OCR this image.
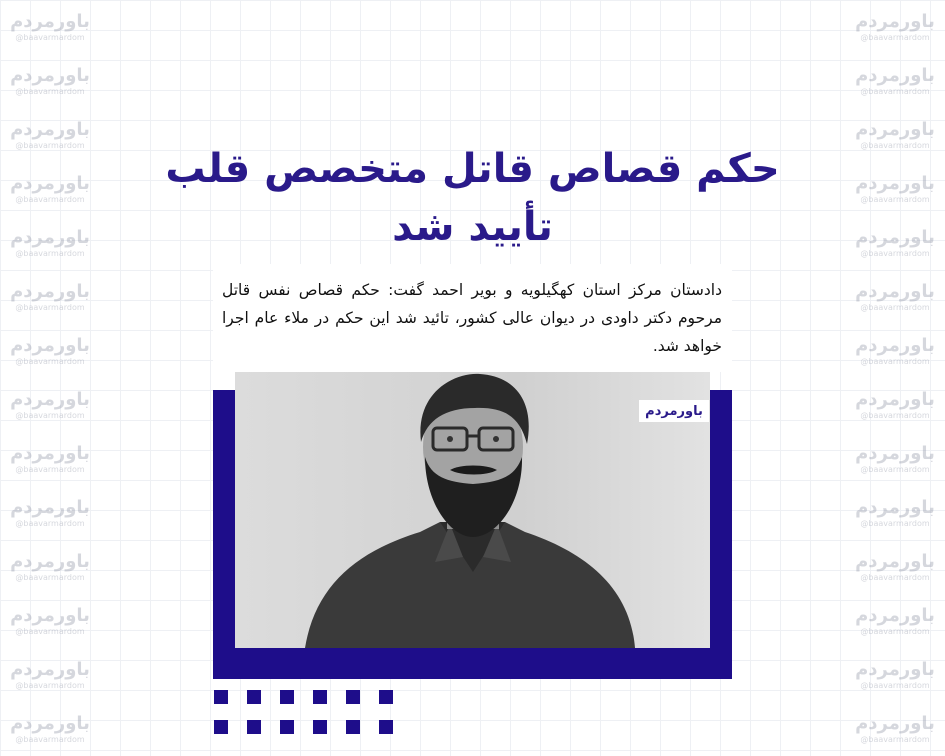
باورمردم
@baavarmardom
باورمردم
@baavarmardom
باورمردم
@baavarmardom
باورمردم
@baavarmardom
باورمردم
@baavarmardom
باورمردم
@baavarmardom
باورمردم
@baavarmardom
باورمردم
@baavarmardom
باورمردم
@baavarmardom
باورمردم
@baavarmardom
باورمردم
@baavarmardom
باورمردم
@baavarmardom
باورمردم
@baavarmardom
باورمردم
@baavarmardom
باورمردم
@baavarmardom
باورمردم
@baavarmardom
باورمردم
@baavarmardom
باورمردم
@baavarmardom
باورمردم
@baavarmardom
باورمردم
@baavarmardom
باورمردم
@baavarmardom
باورمردم
@baavarmardom
باورمردم
@baavarmardom
باورمردم
@baavarmardom
باورمردم
@baavarmardom
باورمردم
@baavarmardom
باورمردم
@baavarmardom
باورمردم
@baavarmardom
حکم قصاص قاتل متخصص قلب
تأیید شد
دادستان مرکز استان کهگیلویه و بویر احمد گفت: حکم قصاص نفس قاتل مرحوم دکتر داودی در دیوان عالی کشور، تائید شد این حکم در ملاء عام اجرا خواهد شد.
باورمردم
